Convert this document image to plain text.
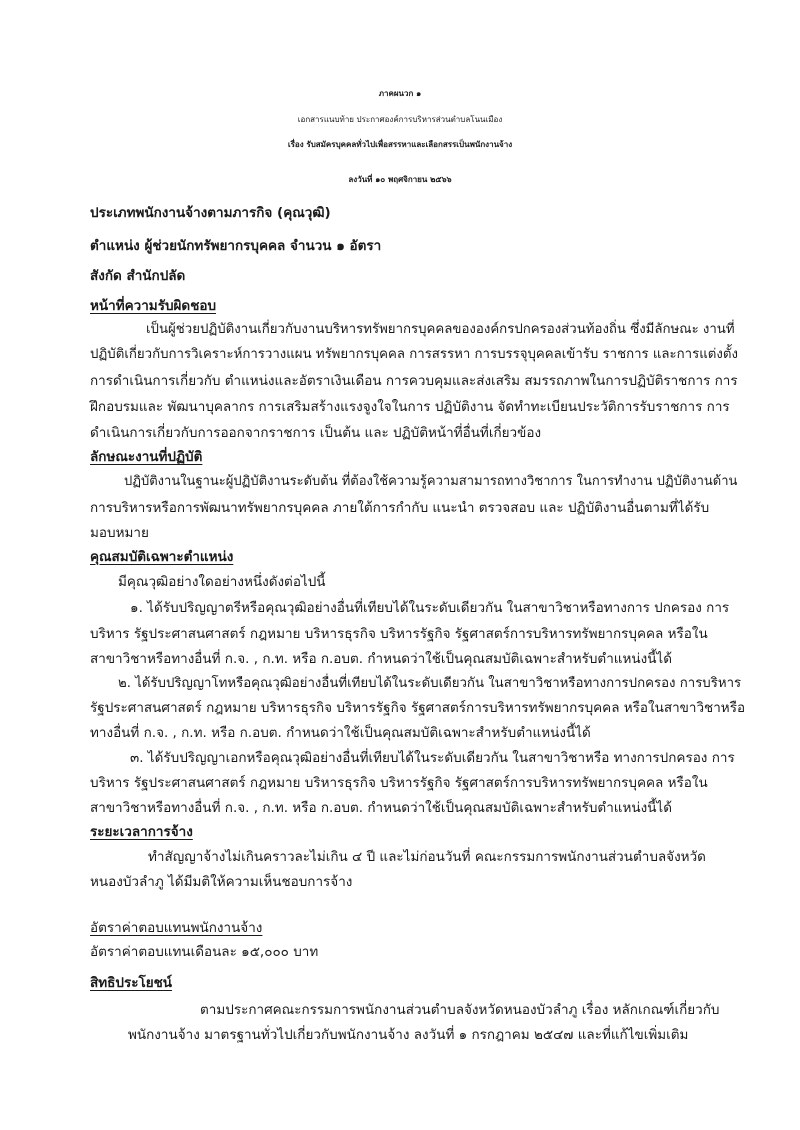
ภาคผนวก ๑
เอกสารแนบท้าย ประกาศองค์การบริหารส่วนตำบลโนนเมือง
เรื่อง รับสมัครบุคคลทั่วไปเพื่อสรรหาและเลือกสรรเป็นพนักงานจ้าง
ลงวันที่ ๑๐ พฤศจิกายน ๒๕๖๖
ประเภทพนักงานจ้างตามภารกิจ (คุณวุฒิ)
ตำแหน่ง ผู้ช่วยนักทรัพยากรบุคคล จำนวน ๑ อัตรา
สังกัด สำนักปลัด
หน้าที่ความรับผิดชอบ
เป็นผู้ช่วยปฏิบัติงานเกี่ยวกับงานบริหารทรัพยากรบุคคลขององค์กรปกครองส่วนท้องถิ่น ซึ่งมีลักษณะ งานที่
ปฏิบัติเกี่ยวกับการวิเคราะห์การวางแผน ทรัพยากรบุคคล การสรรหา การบรรจุบุคคลเข้ารับ ราชการ และการแต่งตั้ง
การดำเนินการเกี่ยวกับ ตำแหน่งและอัตราเงินเดือน การควบคุมและส่งเสริม สมรรถภาพในการปฏิบัติราชการ การ
ฝึกอบรมและ พัฒนาบุคลากร การเสริมสร้างแรงจูงใจในการ ปฏิบัติงาน จัดทำทะเบียนประวัติการรับราชการ การ
ดำเนินการเกี่ยวกับการออกจากราชการ เป็นต้น และ ปฏิบัติหน้าที่อื่นที่เกี่ยวข้อง
ลักษณะงานที่ปฏิบัติ
ปฏิบัติงานในฐานะผู้ปฏิบัติงานระดับต้น ที่ต้องใช้ความรู้ความสามารถทางวิชาการ ในการทำงาน ปฏิบัติงานด้าน
การบริหารหรือการพัฒนาทรัพยากรบุคคล ภายใต้การกำกับ แนะนำ ตรวจสอบ และ ปฏิบัติงานอื่นตามที่ได้รับ
มอบหมาย
คุณสมบัติเฉพาะตำแหน่ง
มีคุณวุฒิอย่างใดอย่างหนึ่งดังต่อไปนี้
๑. ได้รับปริญญาตรีหรือคุณวุฒิอย่างอื่นที่เทียบได้ในระดับเดียวกัน ในสาขาวิชาหรือทางการ ปกครอง การ
บริหาร รัฐประศาสนศาสตร์ กฎหมาย บริหารธุรกิจ บริหารรัฐกิจ รัฐศาสตร์การบริหารทรัพยากรบุคคล หรือใน
สาขาวิชาหรือทางอื่นที่ ก.จ. , ก.ท. หรือ ก.อบต. กำหนดว่าใช้เป็นคุณสมบัติเฉพาะสำหรับตำแหน่งนี้ได้
๒. ได้รับปริญญาโทหรือคุณวุฒิอย่างอื่นที่เทียบได้ในระดับเดียวกัน ในสาขาวิชาหรือทางการปกครอง การบริหาร
รัฐประศาสนศาสตร์ กฎหมาย บริหารธุรกิจ บริหารรัฐกิจ รัฐศาสตร์การบริหารทรัพยากรบุคคล หรือในสาขาวิชาหรือ
ทางอื่นที่ ก.จ. , ก.ท. หรือ ก.อบต. กำหนดว่าใช้เป็นคุณสมบัติเฉพาะสำหรับตำแหน่งนี้ได้
๓. ได้รับปริญญาเอกหรือคุณวุฒิอย่างอื่นที่เทียบได้ในระดับเดียวกัน ในสาขาวิชาหรือ ทางการปกครอง การ
บริหาร รัฐประศาสนศาสตร์ กฎหมาย บริหารธุรกิจ บริหารรัฐกิจ รัฐศาสตร์การบริหารทรัพยากรบุคคล หรือใน
สาขาวิชาหรือทางอื่นที่ ก.จ. , ก.ท. หรือ ก.อบต. กำหนดว่าใช้เป็นคุณสมบัติเฉพาะสำหรับตำแหน่งนี้ได้
ระยะเวลาการจ้าง
ทำสัญญาจ้างไม่เกินคราวละไม่เกิน ๔ ปี และไม่ก่อนวันที่ คณะกรรมการพนักงานส่วนตำบลจังหวัด
หนองบัวลำภู ได้มีมติให้ความเห็นชอบการจ้าง
อัตราค่าตอบแทนพนักงานจ้าง
อัตราค่าตอบแทนเดือนละ ๑๕,๐๐๐ บาท
สิทธิประโยชน์
ตามประกาศคณะกรรมการพนักงานส่วนตำบลจังหวัดหนองบัวลำภู เรื่อง หลักเกณฑ์เกี่ยวกับ
พนักงานจ้าง มาตรฐานทั่วไปเกี่ยวกับพนักงานจ้าง ลงวันที่ ๑ กรกฎาคม ๒๕๔๗ และที่แก้ไขเพิ่มเติม
